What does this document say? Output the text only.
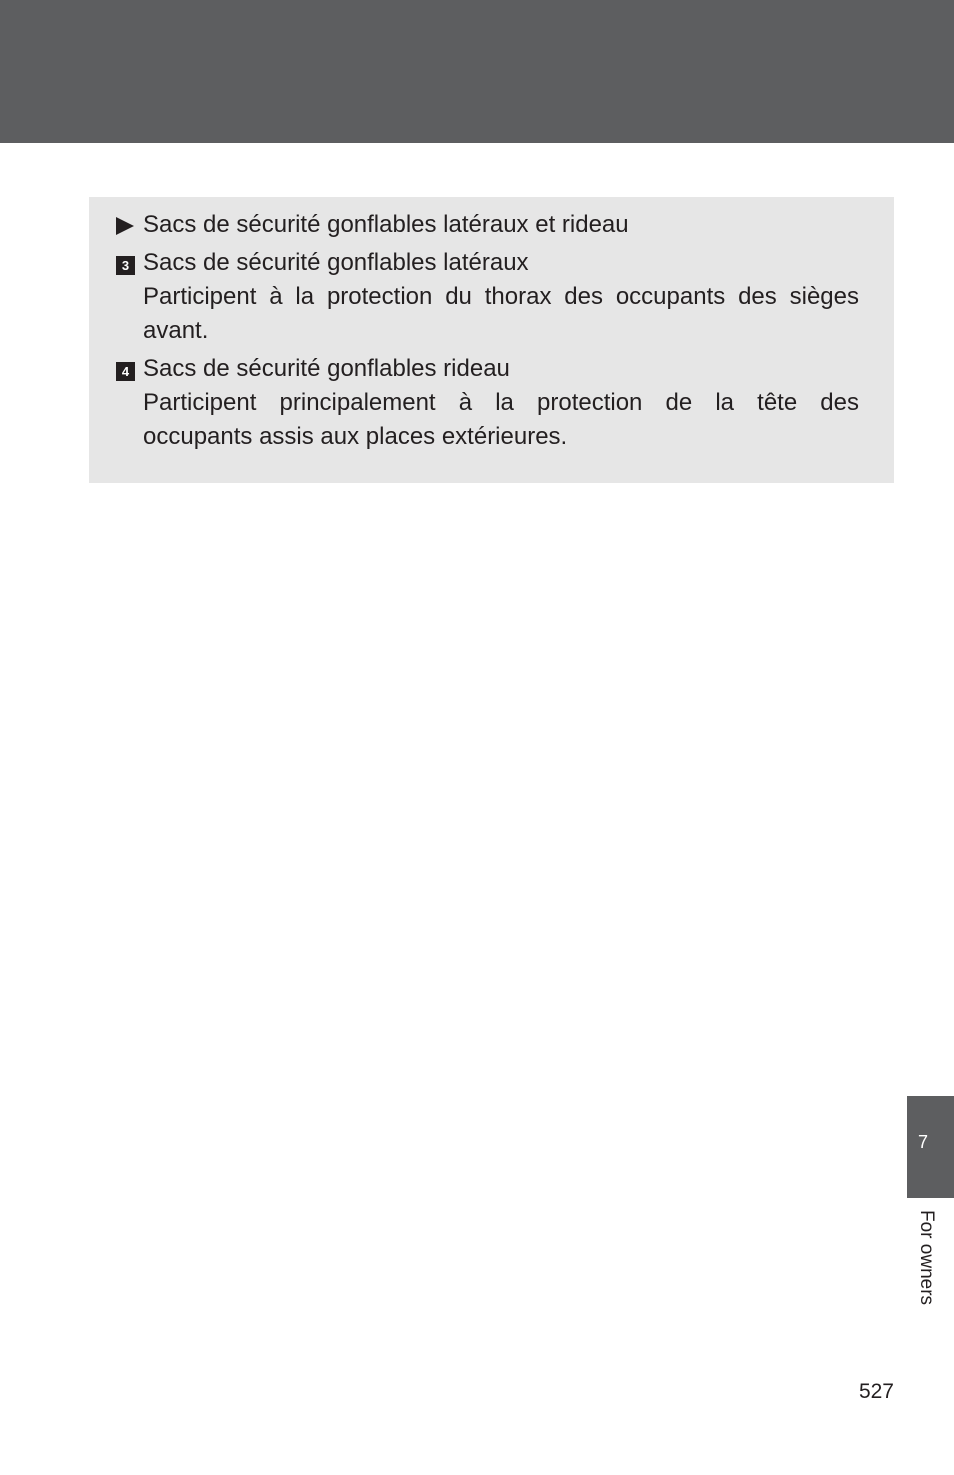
Sacs de sécurité gonflables latéraux et rideau
3 Sacs de sécurité gonflables latéraux
Participent à la protection du thorax des occupants des sièges
avant.
4 Sacs de sécurité gonflables rideau
Participent principalement à la protection de la tête des
occupants assis aux places extérieures.
7
For owners
527
